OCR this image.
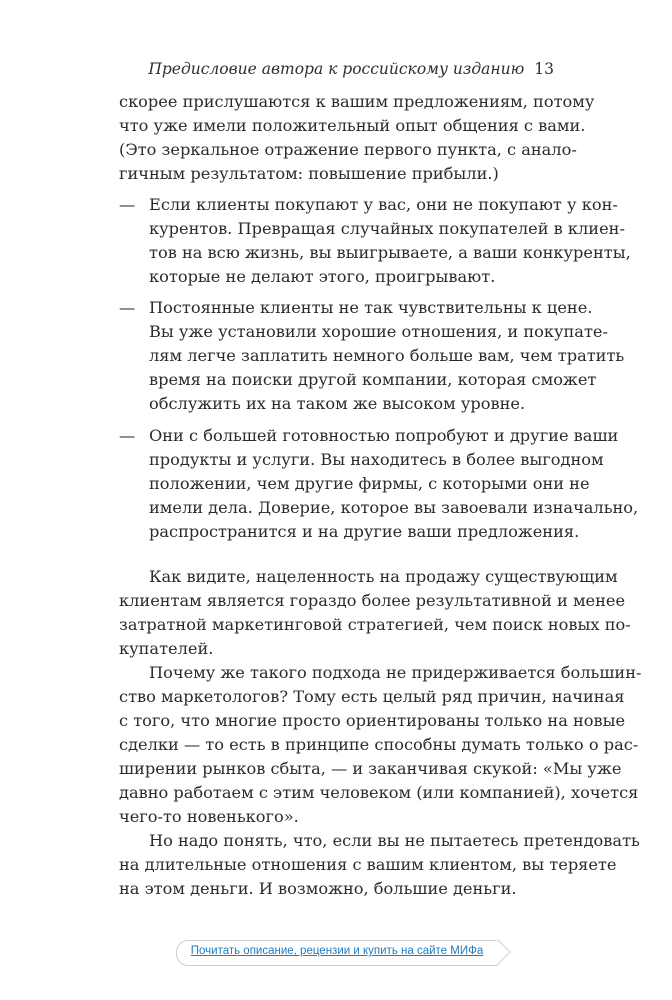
Предисловие автора к российскому изданию 13
скорее прислушаются к вашим предложениям, потому
что уже имели положительный опыт общения с вами.
(Это зеркальное отражение первого пункта, с анало-
гичным результатом: повышение прибыли.)
— Если клиенты покупают у вас, они не покупают у кон-
курентов. Превращая случайных покупателей в клиен-
тов на всю жизнь, вы выигрываете, а ваши конкуренты,
которые не делают этого, проигрывают.
— Постоянные клиенты не так чувствительны к цене.
Вы уже установили хорошие отношения, и покупате-
лям легче заплатить немного больше вам, чем тратить
время на поиски другой компании, которая сможет
обслужить их на таком же высоком уровне.
— Они с большей готовностью попробуют и другие ваши
продукты и услуги. Вы находитесь в более выгодном
положении, чем другие фирмы, с которыми они не
имели дела. Доверие, которое вы завоевали изначально,
распространится и на другие ваши предложения.
Как видите, нацеленность на продажу существующим
клиентам является гораздо более результативной и менее
затратной маркетинговой стратегией, чем поиск новых по-
купателей.
Почему же такого подхода не придерживается большин-
ство маркетологов? Тому есть целый ряд причин, начиная
с того, что многие просто ориентированы только на новые
сделки — то есть в принципе способны думать только о рас-
ширении рынков сбыта, — и заканчивая скукой: «Мы уже
давно работаем с этим человеком (или компанией), хочется
чего-то новенького».
Но надо понять, что, если вы не пытаетесь претендовать
на длительные отношения с вашим клиентом, вы теряете
на этом деньги. И возможно, большие деньги.
Почитать описание, рецензии и купить на сайте МИФа
